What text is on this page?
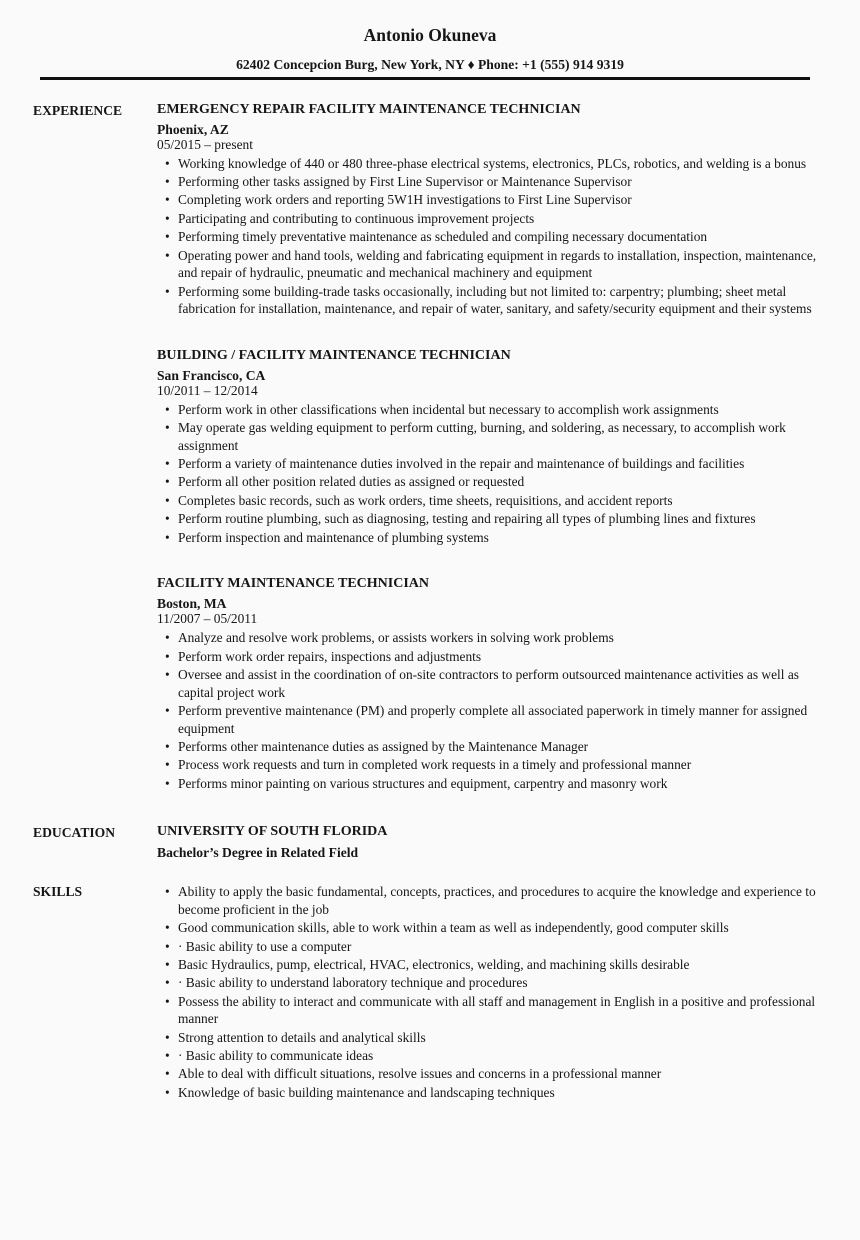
Antonio Okuneva
62402 Concepcion Burg, New York, NY ♦ Phone: +1 (555) 914 9319
EXPERIENCE	EMERGENCY REPAIR FACILITY MAINTENANCE TECHNICIAN
Phoenix, AZ
05/2015 – present
• Working knowledge of 440 or 480 three-phase electrical systems, electronics, PLCs, robotics, and welding is a bonus
• Performing other tasks assigned by First Line Supervisor or Maintenance Supervisor
• Completing work orders and reporting 5W1H investigations to First Line Supervisor
• Participating and contributing to continuous improvement projects
• Performing timely preventative maintenance as scheduled and compiling necessary documentation
• Operating power and hand tools, welding and fabricating equipment in regards to installation, inspection, maintenance, and repair of hydraulic, pneumatic and mechanical machinery and equipment
• Performing some building-trade tasks occasionally, including but not limited to: carpentry; plumbing; sheet metal fabrication for installation, maintenance, and repair of water, sanitary, and safety/security equipment and their systems
BUILDING / FACILITY MAINTENANCE TECHNICIAN
San Francisco, CA
10/2011 – 12/2014
• Perform work in other classifications when incidental but necessary to accomplish work assignments
• May operate gas welding equipment to perform cutting, burning, and soldering, as necessary, to accomplish work assignment
• Perform a variety of maintenance duties involved in the repair and maintenance of buildings and facilities
• Perform all other position related duties as assigned or requested
• Completes basic records, such as work orders, time sheets, requisitions, and accident reports
• Perform routine plumbing, such as diagnosing, testing and repairing all types of plumbing lines and fixtures
• Perform inspection and maintenance of plumbing systems
FACILITY MAINTENANCE TECHNICIAN
Boston, MA
11/2007 – 05/2011
• Analyze and resolve work problems, or assists workers in solving work problems
• Perform work order repairs, inspections and adjustments
• Oversee and assist in the coordination of on-site contractors to perform outsourced maintenance activities as well as capital project work
• Perform preventive maintenance (PM) and properly complete all associated paperwork in timely manner for assigned equipment
• Performs other maintenance duties as assigned by the Maintenance Manager
• Process work requests and turn in completed work requests in a timely and professional manner
• Performs minor painting on various structures and equipment, carpentry and masonry work
EDUCATION	UNIVERSITY OF SOUTH FLORIDA
Bachelor’s Degree in Related Field
SKILLS	• Ability to apply the basic fundamental, concepts, practices, and procedures to acquire the knowledge and experience to become proficient in the job
• Good communication skills, able to work within a team as well as independently, good computer skills
• · Basic ability to use a computer
• Basic Hydraulics, pump, electrical, HVAC, electronics, welding, and machining skills desirable
• · Basic ability to understand laboratory technique and procedures
• Possess the ability to interact and communicate with all staff and management in English in a positive and professional manner
• Strong attention to details and analytical skills
• · Basic ability to communicate ideas
• Able to deal with difficult situations, resolve issues and concerns in a professional manner
• Knowledge of basic building maintenance and landscaping techniques
